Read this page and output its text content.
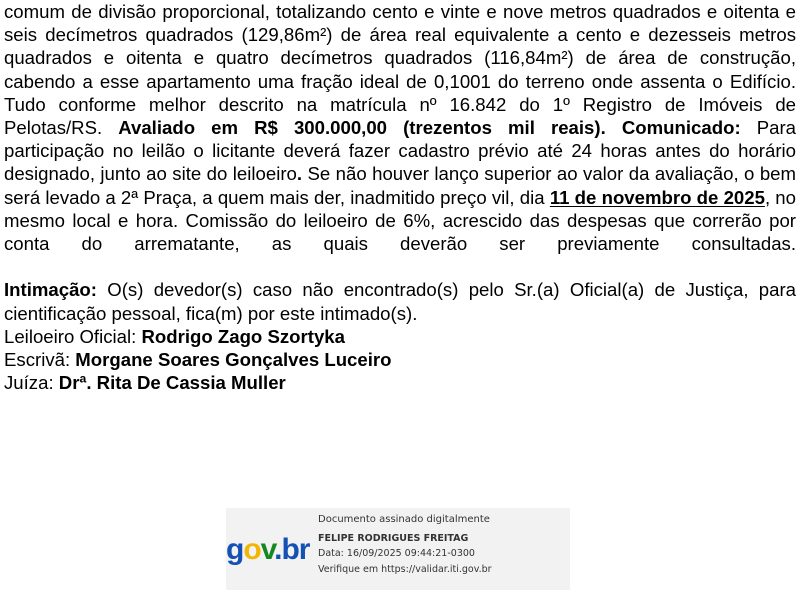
comum de divisão proporcional, totalizando cento e vinte e nove metros quadrados e oitenta e seis decímetros quadrados (129,86m²) de área real equivalente a cento e dezesseis metros quadrados e oitenta e quatro decímetros quadrados (116,84m²) de área de construção, cabendo a esse apartamento uma fração ideal de 0,1001 do terreno onde assenta o Edifício. Tudo conforme melhor descrito na matrícula nº 16.842 do 1º Registro de Imóveis de Pelotas/RS. Avaliado em R$ 300.000,00 (trezentos mil reais). Comunicado: Para participação no leilão o licitante deverá fazer cadastro prévio até 24 horas antes do horário designado, junto ao site do leiloeiro. Se não houver lanço superior ao valor da avaliação, o bem será levado a 2ª Praça, a quem mais der, inadmitido preço vil, dia 11 de novembro de 2025, no mesmo local e hora. Comissão do leiloeiro de 6%, acrescido das despesas que correrão por conta do arrematante, as quais deverão ser previamente consultadas.

Intimação: O(s) devedor(s) caso não encontrado(s) pelo Sr.(a) Oficial(a) de Justiça, para cientificação pessoal, fica(m) por este intimado(s).

Leiloeiro Oficial: Rodrigo Zago Szortyka

Escrivã: Morgane Soares Gonçalves Luceiro

Juíza: Drª. Rita De Cassia Muller

gov.br
Documento assinado digitalmente
FELIPE RODRIGUES FREITAG
Data: 16/09/2025 09:44:21-0300
Verifique em https://validar.iti.gov.br
